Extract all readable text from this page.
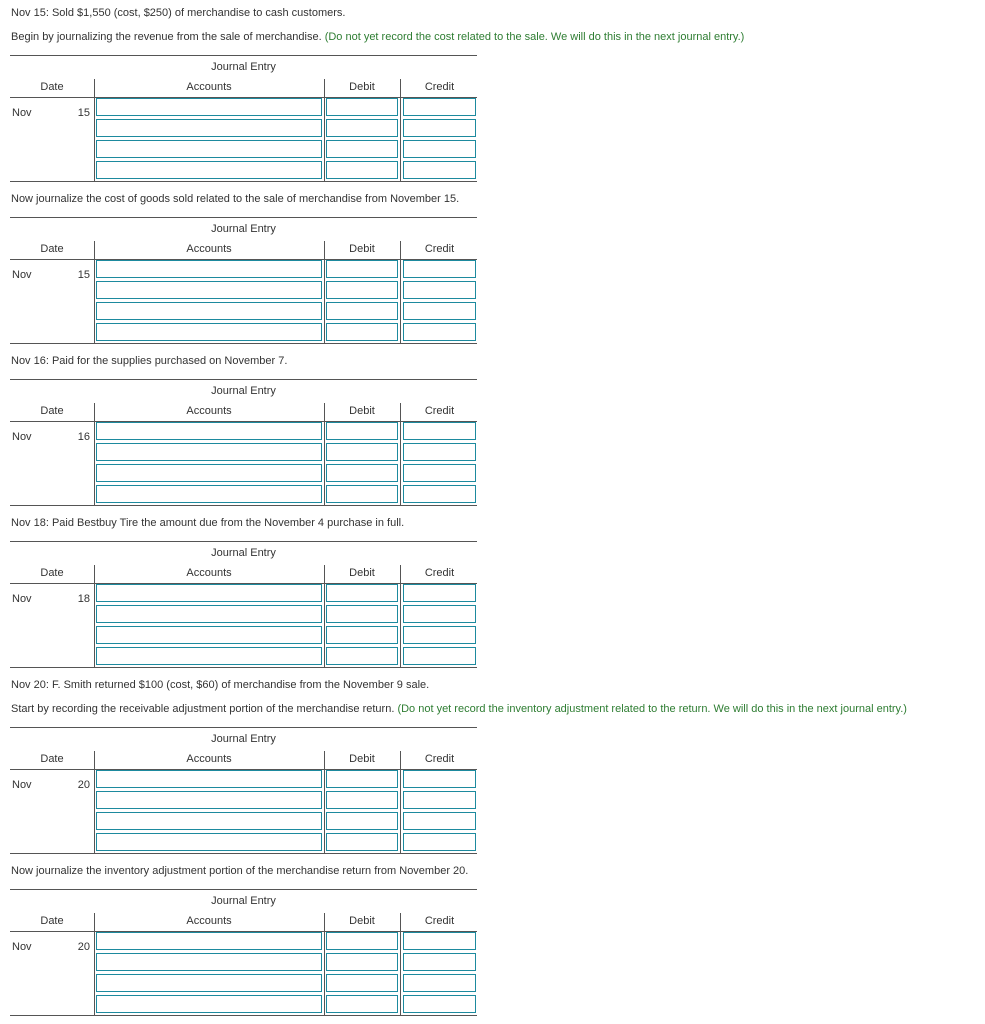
Nov 15: Sold $1,550 (cost, $250) of merchandise to cash customers.
Begin by journalizing the revenue from the sale of merchandise. (Do not yet record the cost related to the sale. We will do this in the next journal entry.)
Journal Entry
Date	Accounts	Debit	Credit
Nov	15
Now journalize the cost of goods sold related to the sale of merchandise from November 15.
Journal Entry
Date	Accounts	Debit	Credit
Nov	15
Nov 16: Paid for the supplies purchased on November 7.
Journal Entry
Date	Accounts	Debit	Credit
Nov	16
Nov 18: Paid Bestbuy Tire the amount due from the November 4 purchase in full.
Journal Entry
Date	Accounts	Debit	Credit
Nov	18
Nov 20: F. Smith returned $100 (cost, $60) of merchandise from the November 9 sale.
Start by recording the receivable adjustment portion of the merchandise return. (Do not yet record the inventory adjustment related to the return. We will do this in the next journal entry.)
Journal Entry
Date	Accounts	Debit	Credit
Nov	20
Now journalize the inventory adjustment portion of the merchandise return from November 20.
Journal Entry
Date	Accounts	Debit	Credit
Nov	20
